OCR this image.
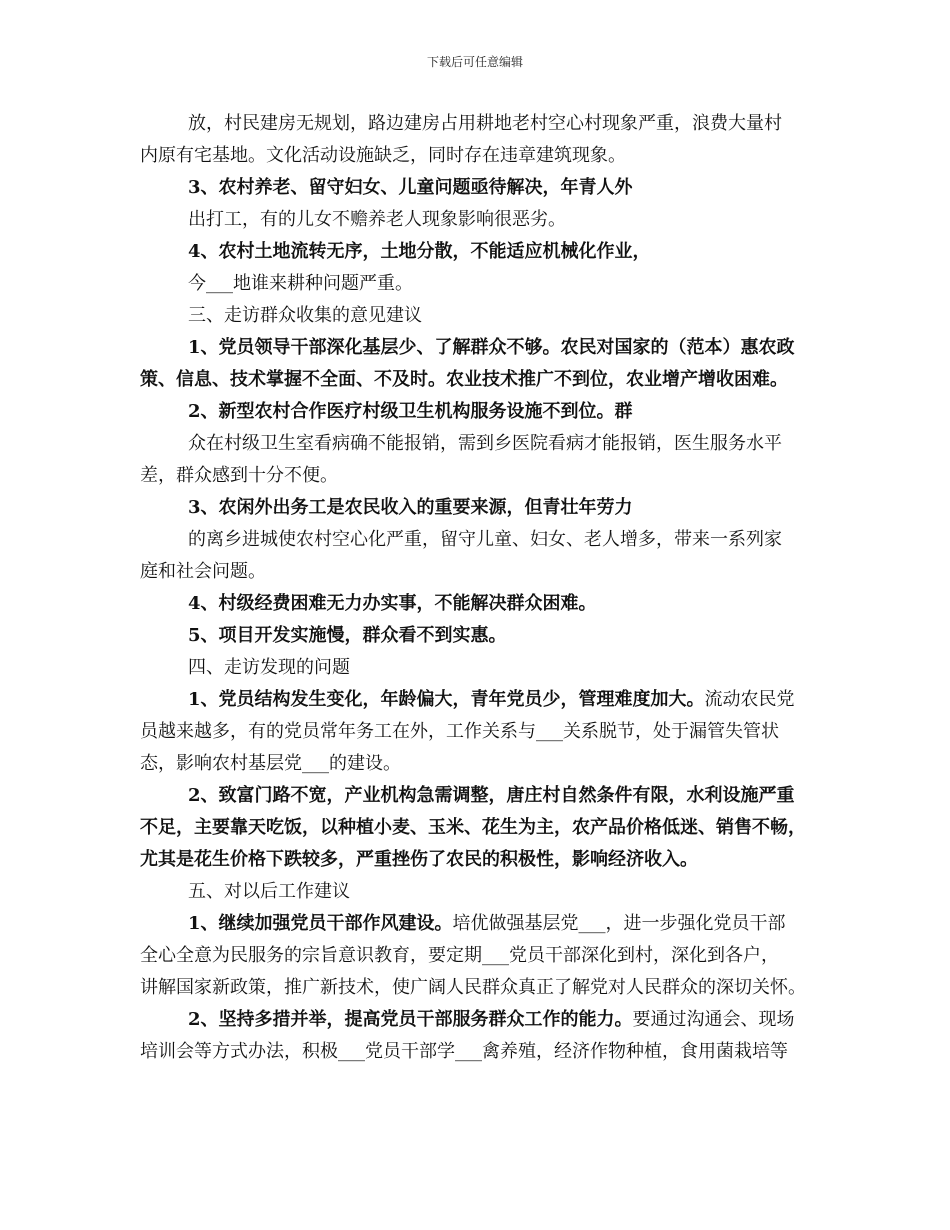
下载后可任意编辑
放，村民建房无规划，路边建房占用耕地老村空心村现象严重，浪费大量村
内原有宅基地。文化活动设施缺乏，同时存在违章建筑现象。
3、农村养老、留守妇女、儿童问题亟待解决，年青人外
出打工，有的儿女不赡养老人现象影响很恶劣。
4、农村土地流转无序，土地分散，不能适应机械化作业，
今___地谁来耕种问题严重。
三、走访群众收集的意见建议
1、党员领导干部深化基层少、了解群众不够。农民对国家的（范本）惠农政
策、信息、技术掌握不全面、不及时。农业技术推广不到位，农业增产增收困难。
2、新型农村合作医疗村级卫生机构服务设施不到位。群
众在村级卫生室看病确不能报销，需到乡医院看病才能报销，医生服务水平
差，群众感到十分不便。
3、农闲外出务工是农民收入的重要来源，但青壮年劳力
的离乡进城使农村空心化严重，留守儿童、妇女、老人增多，带来一系列家
庭和社会问题。
4、村级经费困难无力办实事，不能解决群众困难。
5、项目开发实施慢，群众看不到实惠。
四、走访发现的问题
1、党员结构发生变化，年龄偏大，青年党员少，管理难度加大。流动农民党
员越来越多，有的党员常年务工在外，工作关系与___关系脱节，处于漏管失管状
态，影响农村基层党___的建设。
2、致富门路不宽，产业机构急需调整，唐庄村自然条件有限，水利设施严重
不足，主要靠天吃饭，以种植小麦、玉米、花生为主，农产品价格低迷、销售不畅，
尤其是花生价格下跌较多，严重挫伤了农民的积极性，影响经济收入。
五、对以后工作建议
1、继续加强党员干部作风建设。培优做强基层党___，进一步强化党员干部
全心全意为民服务的宗旨意识教育，要定期___党员干部深化到村，深化到各户，
讲解国家新政策，推广新技术，使广阔人民群众真正了解党对人民群众的深切关怀。
2、坚持多措并举，提高党员干部服务群众工作的能力。要通过沟通会、现场
培训会等方式办法，积极___党员干部学___禽养殖，经济作物种植，食用菌栽培等
